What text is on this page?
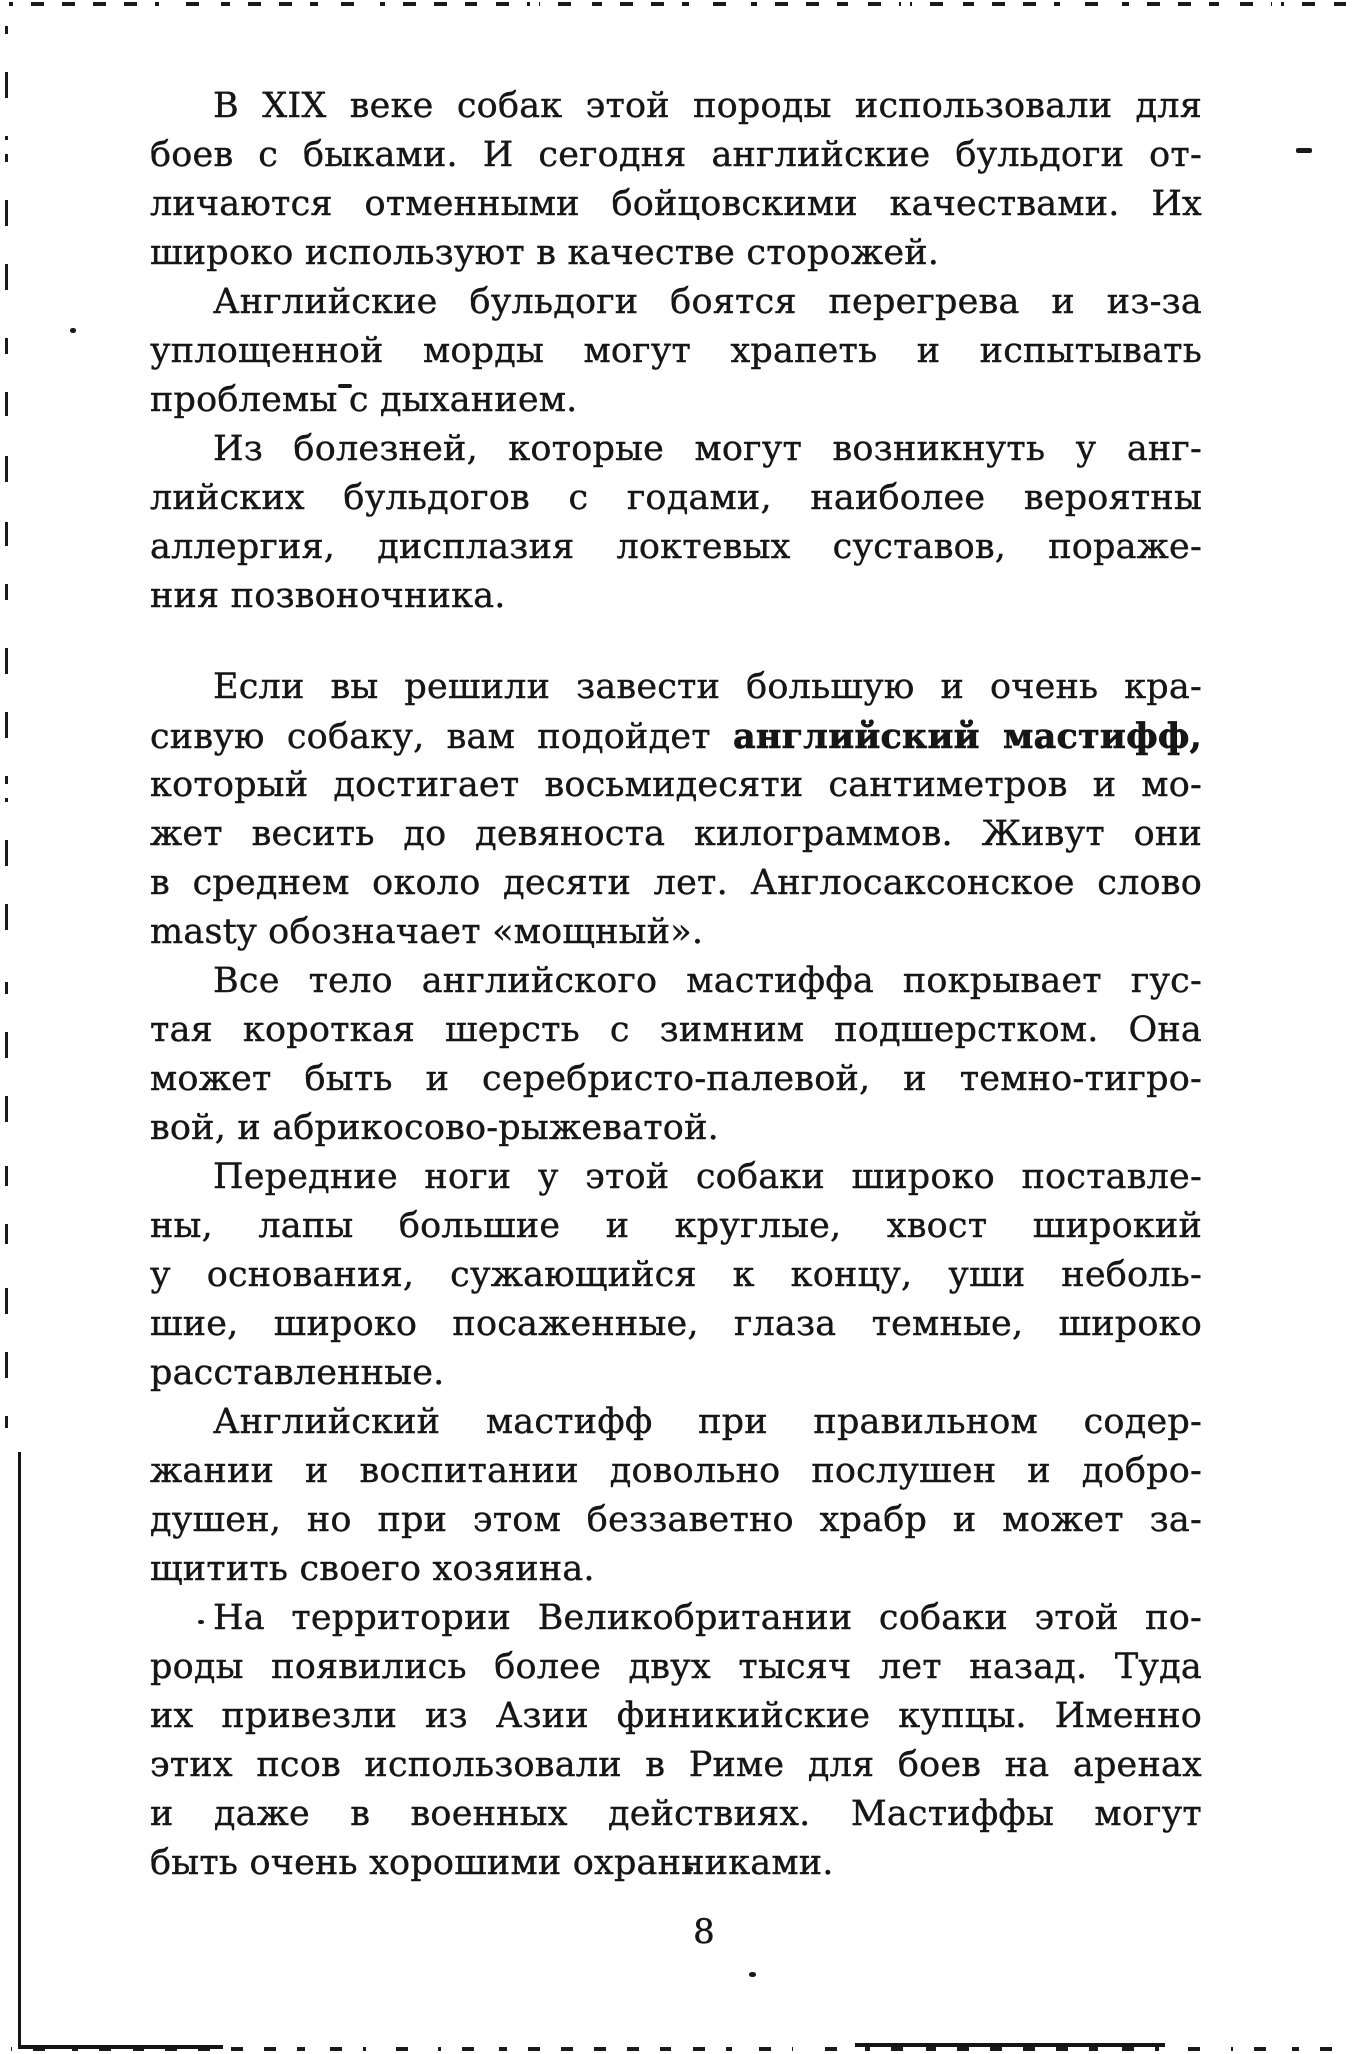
В XIX веке собак этой породы использовали для
боев с быками. И сегодня английские бульдоги от-
личаются отменными бойцовскими качествами. Их
широко используют в качестве сторожей.
Английские бульдоги боятся перегрева и из-за
уплощенной морды могут храпеть и испытывать
проблемы с дыханием.
Из болезней, которые могут возникнуть у анг-
лийских бульдогов с годами, наиболее вероятны
аллергия, дисплазия локтевых суставов, пораже-
ния позвоночника.
Если вы решили завести большую и очень кра-
сивую собаку, вам подойдет английский мастифф,
который достигает восьмидесяти сантиметров и мо-
жет весить до девяноста килограммов. Живут они
в среднем около десяти лет. Англосаксонское слово
masty обозначает «мощный».
Все тело английского мастиффа покрывает гус-
тая короткая шерсть с зимним подшерстком. Она
может быть и серебристо-палевой, и темно-тигро-
вой, и абрикосово-рыжеватой.
Передние ноги у этой собаки широко поставле-
ны, лапы большие и круглые, хвост широкий
у основания, сужающийся к концу, уши неболь-
шие, широко посаженные, глаза темные, широко
расставленные.
Английский мастифф при правильном содер-
жании и воспитании довольно послушен и добро-
душен, но при этом беззаветно храбр и может за-
щитить своего хозяина.
На территории Великобритании собаки этой по-
роды появились более двух тысяч лет назад. Туда
их привезли из Азии финикийские купцы. Именно
этих псов использовали в Риме для боев на аренах
и даже в военных действиях. Мастиффы могут
быть очень хорошими охранниками.
8
